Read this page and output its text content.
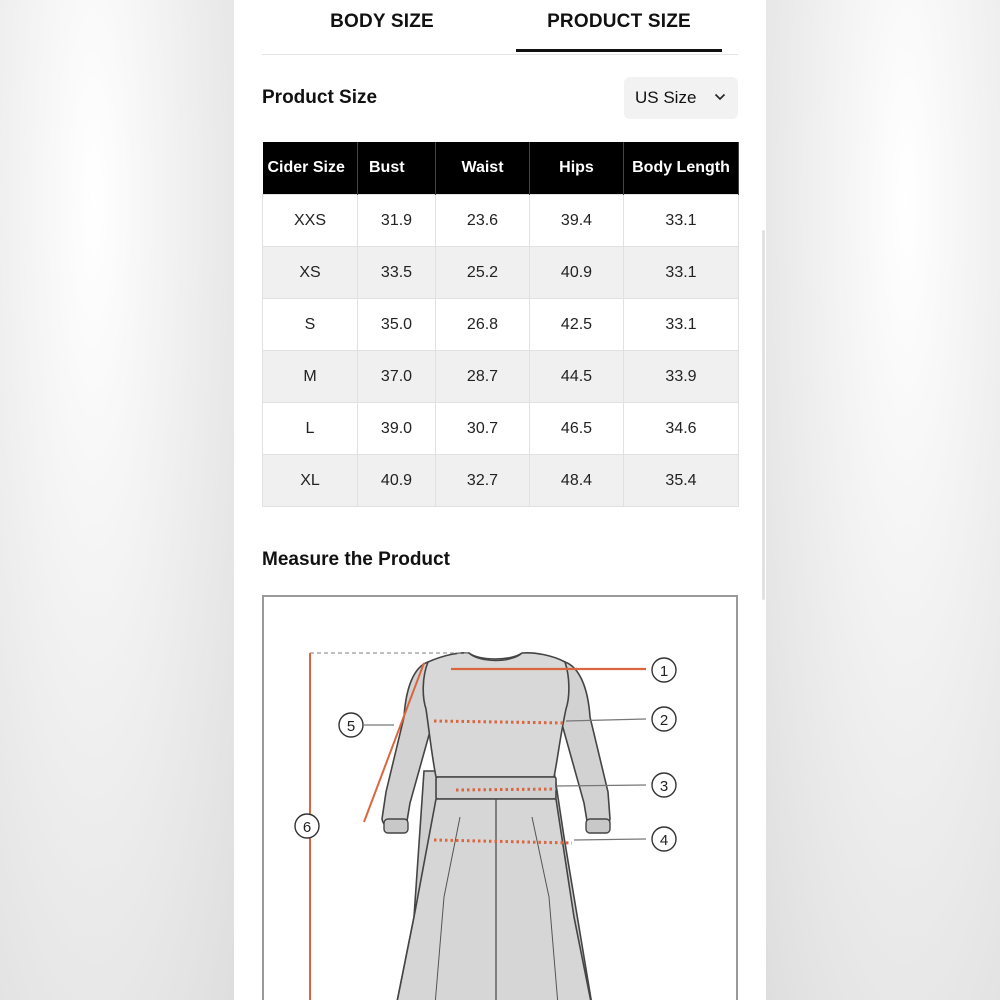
BODY SIZE	PRODUCT SIZE
Product Size	US Size
Cider Size	Bust	Waist	Hips	Body Length
XXS	31.9	23.6	39.4	33.1
XS	33.5	25.2	40.9	33.1
S	35.0	26.8	42.5	33.1
M	37.0	28.7	44.5	33.9
L	39.0	30.7	46.5	34.6
XL	40.9	32.7	48.4	35.4
Measure the Product
1
2
3
4
5
6
